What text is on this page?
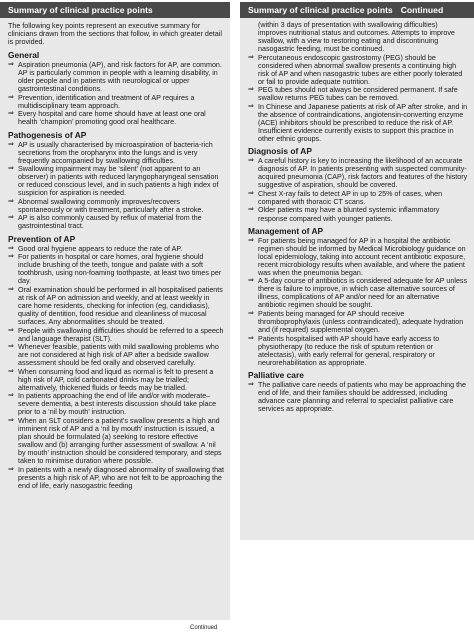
Summary of clinical practice points
The following key points represent an executive summary for clinicians drawn from the sections that follow, in which greater detail is provided.
General
⇒ Aspiration pneumonia (AP), and risk factors for AP, are common. AP is particularly common in people with a learning disability, in older people and in patients with neurological or upper gastrointestinal conditions.
⇒ Prevention, identification and treatment of AP requires a multidisciplinary team approach.
⇒ Every hospital and care home should have at least one oral health ‘champion’ promoting good oral healthcare.
Pathogenesis of AP
⇒ AP is usually characterised by microaspiration of bacteria-rich secretions from the oropharynx into the lungs and is very frequently accompanied by swallowing difficulties.
⇒ Swallowing impairment may be ‘silent’ (not apparent to an observer) in patients with reduced laryngopharyngeal sensation or reduced conscious level, and in such patients a high index of suspicion for aspiration is needed.
⇒ Abnormal swallowing commonly improves/recovers spontaneously or with treatment, particularly after a stroke.
⇒ AP is also commonly caused by reflux of material from the gastrointestinal tract.
Prevention of AP
⇒ Good oral hygiene appears to reduce the rate of AP.
⇒ For patients in hospital or care homes, oral hygiene should include brushing of the teeth, tongue and palate with a soft toothbrush, using non-foaming toothpaste, at least two times per day.
⇒ Oral examination should be performed in all hospitalised patients at risk of AP on admission and weekly, and at least weekly in care home residents, checking for infection (eg, candidiasis), quality of dentition, food residue and cleanliness of mucosal surfaces. Any abnormalities should be treated.
⇒ People with swallowing difficulties should be referred to a speech and language therapist (SLT).
⇒ Whenever feasible, patients with mild swallowing problems who are not considered at high risk of AP after a bedside swallow assessment should be fed orally and observed carefully.
⇒ When consuming food and liquid as normal is felt to present a high risk of AP, cold carbonated drinks may be trialled; alternatively, thickened fluids or feeds may be trialled.
⇒ In patients approaching the end of life and/or with moderate–severe dementia, a best interests discussion should take place prior to a ‘nil by mouth’ instruction.
⇒ When an SLT considers a patient’s swallow presents a high and imminent risk of AP and a ‘nil by mouth’ instruction is issued, a plan should be formulated (a) seeking to restore effective swallow and (b) arranging further assessment of swallow. A ‘nil by mouth’ instruction should be considered temporary, and steps taken to minimise duration where possible.
⇒ In patients with a newly diagnosed abnormality of swallowing that presents a high risk of AP, who are not felt to be approaching the end of life, early nasogastric feeding
Summary of clinical practice points Continued
(within 3 days of presentation with swallowing difficulties) improves nutritional status and outcomes. Attempts to improve swallow, with a view to restoring eating and discontinuing nasogastric feeding, must be continued.
⇒ Percutaneous endoscopic gastrostomy (PEG) should be considered when abnormal swallow presents a continuing high risk of AP and when nasogastric tubes are either poorly tolerated or fail to provide adequate nutrition.
⇒ PEG tubes should not always be considered permanent. If safe swallow returns PEG tubes can be removed.
⇒ In Chinese and Japanese patients at risk of AP after stroke, and in the absence of contraindications, angiotensin-converting enzyme (ACE) inhibitors should be prescribed to reduce the risk of AP. Insufficient evidence currently exists to support this practice in other ethnic groups.
Diagnosis of AP
⇒ A careful history is key to increasing the likelihood of an accurate diagnosis of AP. In patients presenting with suspected community-acquired pneumonia (CAP), risk factors and features of the history suggestive of aspiration, should be covered.
⇒ Chest X-ray fails to detect AP in up to 25% of cases, when compared with thoracic CT scans.
⇒ Older patients may have a blunted systemic inflammatory response compared with younger patients.
Management of AP
⇒ For patients being managed for AP in a hospital the antibiotic regimen should be informed by Medical Microbiology guidance on local epidemiology, taking into account recent antibiotic exposure, recent microbiology results when available, and where the patient was when the pneumonia began.
⇒ A 5-day course of antibiotics is considered adequate for AP unless there is failure to improve, in which case alternative sources of illness, complications of AP and/or need for an alternative antibiotic regimen should be sought.
⇒ Patients being managed for AP should receive thromboprophylaxis (unless contraindicated), adequate hydration and (if required) supplemental oxygen.
⇒ Patients hospitalised with AP should have early access to physiotherapy (to reduce the risk of sputum retention or atelectasis), with early referral for general, respiratory or neurorehabilitation as appropriate.
Palliative care
⇒ The palliative care needs of patients who may be approaching the end of life, and their families should be addressed, including advance care planning and referral to specialist palliative care services as appropriate.
Continued
